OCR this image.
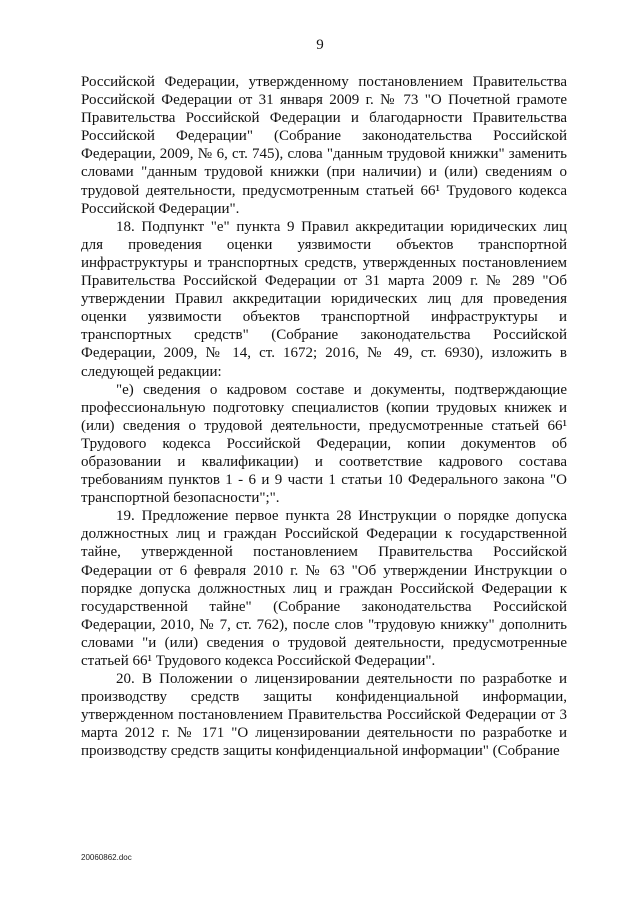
9

Российской Федерации, утвержденному постановлением Правительства Российской Федерации от 31 января 2009 г. № 73 "О Почетной грамоте Правительства Российской Федерации и благодарности Правительства Российской Федерации" (Собрание законодательства Российской Федерации, 2009, № 6, ст. 745), слова "данным трудовой книжки" заменить словами "данным трудовой книжки (при наличии) и (или) сведениям о трудовой деятельности, предусмотренным статьей 66¹ Трудового кодекса Российской Федерации".

18. Подпункт "е" пункта 9 Правил аккредитации юридических лиц для проведения оценки уязвимости объектов транспортной инфраструктуры и транспортных средств, утвержденных постановлением Правительства Российской Федерации от 31 марта 2009 г. № 289 "Об утверждении Правил аккредитации юридических лиц для проведения оценки уязвимости объектов транспортной инфраструктуры и транспортных средств" (Собрание законодательства Российской Федерации, 2009, № 14, ст. 1672; 2016, № 49, ст. 6930), изложить в следующей редакции:

"е) сведения о кадровом составе и документы, подтверждающие профессиональную подготовку специалистов (копии трудовых книжек и (или) сведения о трудовой деятельности, предусмотренные статьей 66¹ Трудового кодекса Российской Федерации, копии документов об образовании и квалификации) и соответствие кадрового состава требованиям пунктов 1 - 6 и 9 части 1 статьи 10 Федерального закона "О транспортной безопасности";".

19. Предложение первое пункта 28 Инструкции о порядке допуска должностных лиц и граждан Российской Федерации к государственной тайне, утвержденной постановлением Правительства Российской Федерации от 6 февраля 2010 г. № 63 "Об утверждении Инструкции о порядке допуска должностных лиц и граждан Российской Федерации к государственной тайне" (Собрание законодательства Российской Федерации, 2010, № 7, ст. 762), после слов "трудовую книжку" дополнить словами "и (или) сведения о трудовой деятельности, предусмотренные статьей 66¹ Трудового кодекса Российской Федерации".

20. В Положении о лицензировании деятельности по разработке и производству средств защиты конфиденциальной информации, утвержденном постановлением Правительства Российской Федерации от 3 марта 2012 г. № 171 "О лицензировании деятельности по разработке и производству средств защиты конфиденциальной информации" (Собрание

20060862.doc
